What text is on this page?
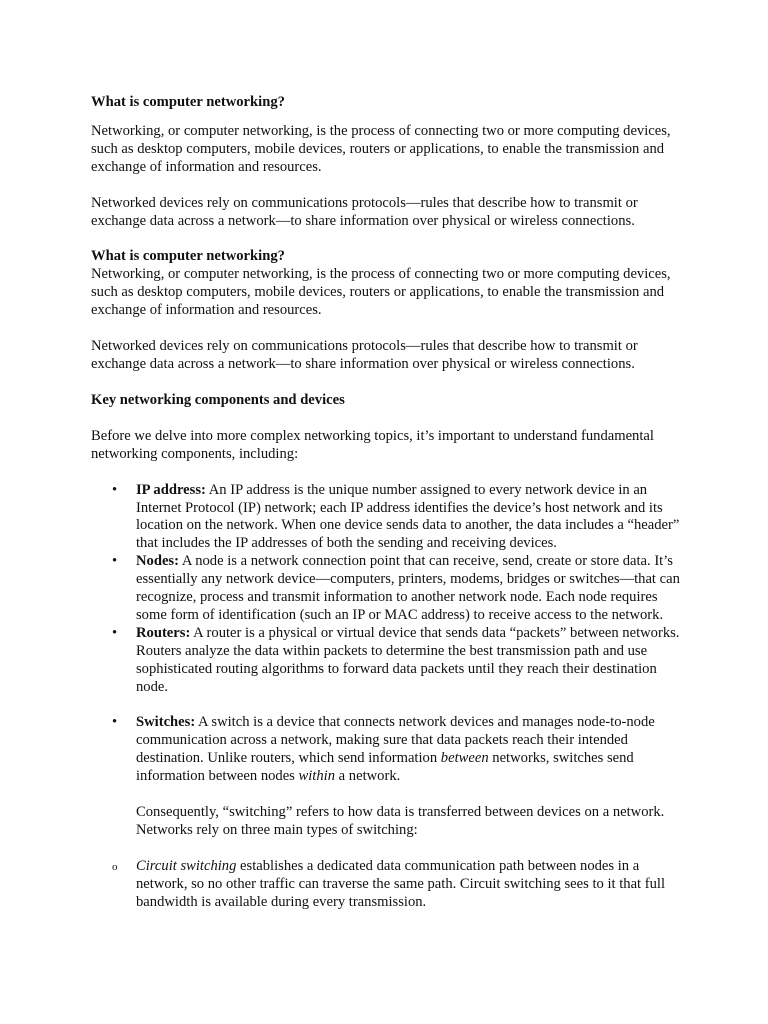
What is computer networking?

Networking, or computer networking, is the process of connecting two or more computing devices, such as desktop computers, mobile devices, routers or applications, to enable the transmission and exchange of information and resources.

Networked devices rely on communications protocols—rules that describe how to transmit or exchange data across a network—to share information over physical or wireless connections.

What is computer networking?

Networking, or computer networking, is the process of connecting two or more computing devices, such as desktop computers, mobile devices, routers or applications, to enable the transmission and exchange of information and resources.

Networked devices rely on communications protocols—rules that describe how to transmit or exchange data across a network—to share information over physical or wireless connections.

Key networking components and devices

Before we delve into more complex networking topics, it’s important to understand fundamental networking components, including:

• IP address: An IP address is the unique number assigned to every network device in an Internet Protocol (IP) network; each IP address identifies the device’s host network and its location on the network. When one device sends data to another, the data includes a “header” that includes the IP addresses of both the sending and receiving devices.
• Nodes: A node is a network connection point that can receive, send, create or store data. It’s essentially any network device—computers, printers, modems, bridges or switches—that can recognize, process and transmit information to another network node. Each node requires some form of identification (such an IP or MAC address) to receive access to the network.
• Routers: A router is a physical or virtual device that sends data “packets” between networks. Routers analyze the data within packets to determine the best transmission path and use sophisticated routing algorithms to forward data packets until they reach their destination node.
• Switches: A switch is a device that connects network devices and manages node-to-node communication across a network, making sure that data packets reach their intended destination. Unlike routers, which send information between networks, switches send information between nodes within a network.

Consequently, “switching” refers to how data is transferred between devices on a network. Networks rely on three main types of switching:

o Circuit switching establishes a dedicated data communication path between nodes in a network, so no other traffic can traverse the same path. Circuit switching sees to it that full bandwidth is available during every transmission.
